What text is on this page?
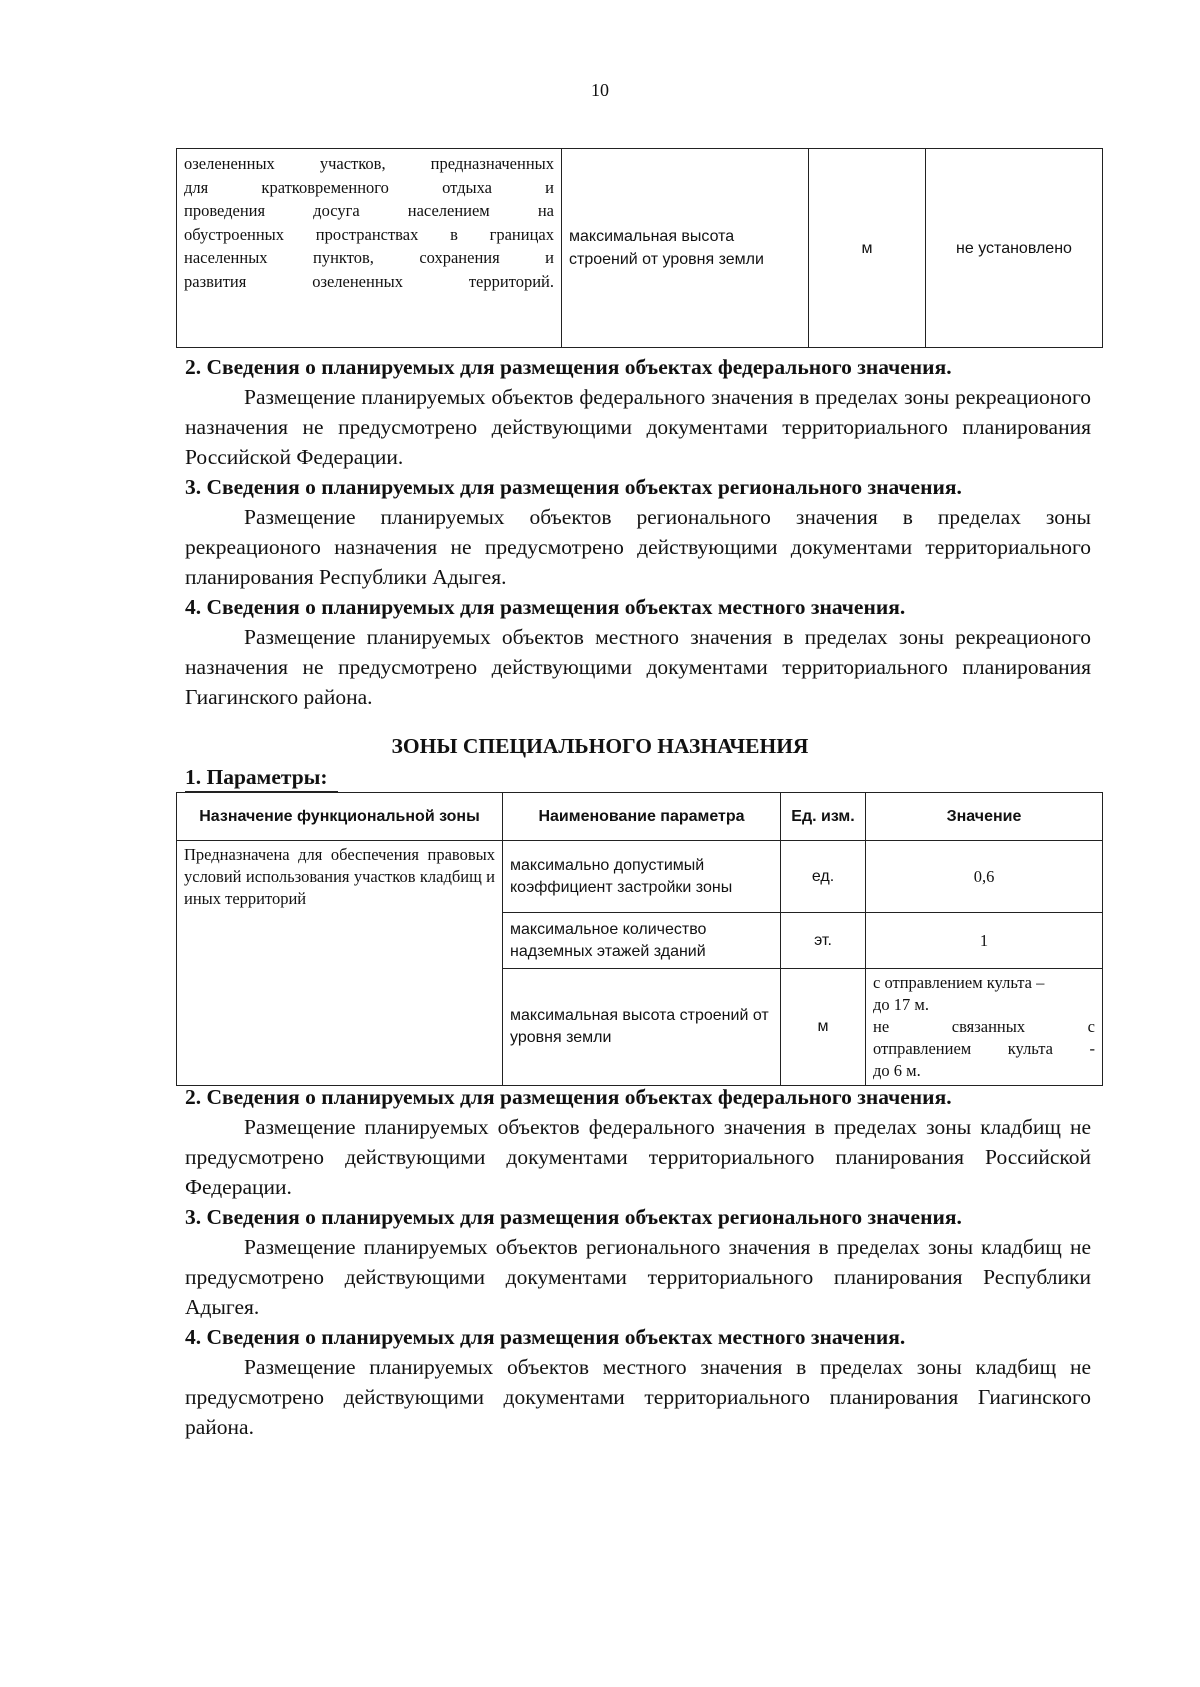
10
озелененных участков, предназначенных
для кратковременного отдыха и
проведения досуга населением на
обустроенных пространствах в границах
населенных пунктов, сохранения и
развития озелененных территорий.	максимальная высота строений от уровня земли	м	не установлено
2. Сведения о планируемых для размещения объектах федерального значения.
Размещение планируемых объектов федерального значения в пределах зоны рекреационого назначения не предусмотрено действующими документами территориального планирования Российской Федерации.
3. Сведения о планируемых для размещения объектах регионального значения.
Размещение планируемых объектов регионального значения в пределах зоны рекреационого назначения не предусмотрено действующими документами территориального планирования Республики Адыгея.
4. Сведения о планируемых для размещения объектах местного значения.
Размещение планируемых объектов местного значения в пределах зоны рекреационого назначения не предусмотрено действующими документами территориального планирования Гиагинского района.
ЗОНЫ СПЕЦИАЛЬНОГО НАЗНАЧЕНИЯ
1. Параметры:
Назначение функциональной зоны	Наименование параметра	Ед. изм.	Значение
Предназначена для обеспечения правовых условий использования участков кладбищ и иных территорий	максимально допустимый коэффициент застройки зоны	ед.	0,6
	максимальное количество надземных этажей зданий	эт.	1
	максимальная высота строений от уровня земли	м	с отправлением культа –
до 17 м.
не связанных с
отправлением культа -
до 6 м.
2. Сведения о планируемых для размещения объектах федерального значения.
Размещение планируемых объектов федерального значения в пределах зоны кладбищ не предусмотрено действующими документами территориального планирования Российской Федерации.
3. Сведения о планируемых для размещения объектах регионального значения.
Размещение планируемых объектов регионального значения в пределах зоны кладбищ не предусмотрено действующими документами территориального планирования Республики Адыгея.
4. Сведения о планируемых для размещения объектах местного значения.
Размещение планируемых объектов местного значения в пределах зоны кладбищ не предусмотрено действующими документами территориального планирования Гиагинского района.
